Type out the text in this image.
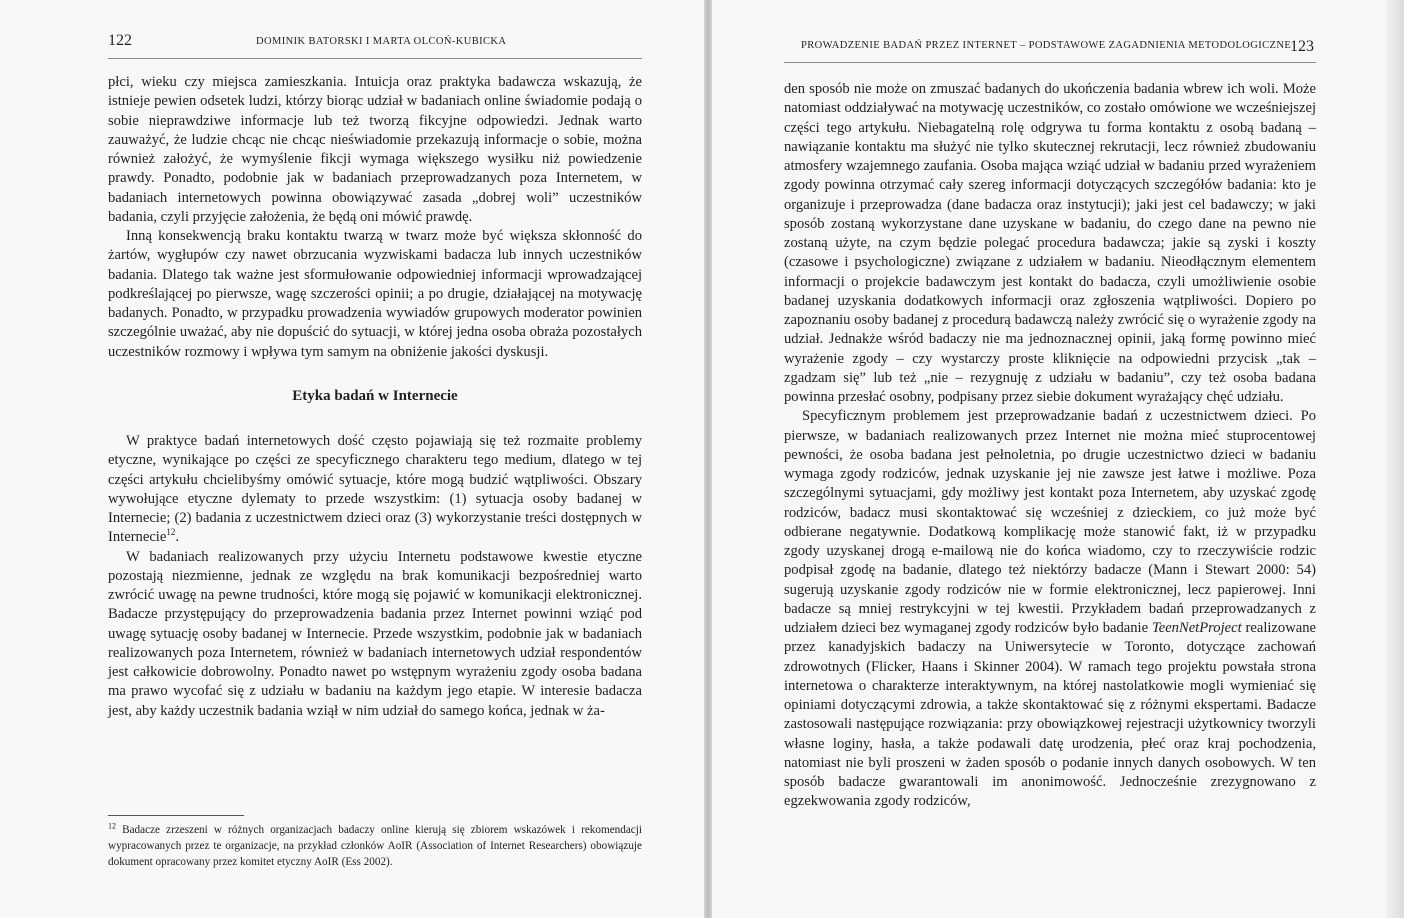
122	DOMINIK BATORSKI I MARTA OLCOŃ-KUBICKA

płci, wieku czy miejsca zamieszkania. Intuicja oraz praktyka badawcza wskazują, że istnieje pewien odsetek ludzi, którzy biorąc udział w badaniach online świadomie podają o sobie nieprawdziwe informacje lub też tworzą fikcyjne odpowiedzi. Jednak warto zauważyć, że ludzie chcąc nie chcąc nieświadomie przekazują informacje o sobie, można również założyć, że wymyślenie fikcji wymaga większego wysiłku niż powiedzenie prawdy. Ponadto, podobnie jak w badaniach przeprowadzanych poza Internetem, w badaniach internetowych powinna obowiązywać zasada „dobrej woli” uczestników badania, czyli przyjęcie założenia, że będą oni mówić prawdę.

Inną konsekwencją braku kontaktu twarzą w twarz może być większa skłonność do żartów, wygłupów czy nawet obrzucania wyzwiskami badacza lub innych uczestników badania. Dlatego tak ważne jest sformułowanie odpowiedniej informacji wprowadzającej podkreślającej po pierwsze, wagę szczerości opinii; a po drugie, działającej na motywację badanych. Ponadto, w przypadku prowadzenia wywiadów grupowych moderator powinien szczególnie uważać, aby nie dopuścić do sytuacji, w której jedna osoba obraża pozostałych uczestników rozmowy i wpływa tym samym na obniżenie jakości dyskusji.

Etyka badań w Internecie

W praktyce badań internetowych dość często pojawiają się też rozmaite problemy etyczne, wynikające po części ze specyficznego charakteru tego medium, dlatego w tej części artykułu chcielibyśmy omówić sytuacje, które mogą budzić wątpliwości. Obszary wywołujące etyczne dylematy to przede wszystkim: (1) sytuacja osoby badanej w Internecie; (2) badania z uczestnictwem dzieci oraz (3) wykorzystanie treści dostępnych w Internecie$^{12}$.

W badaniach realizowanych przy użyciu Internetu podstawowe kwestie etyczne pozostają niezmienne, jednak ze względu na brak komunikacji bezpośredniej warto zwrócić uwagę na pewne trudności, które mogą się pojawić w komunikacji elektronicznej. Badacze przystępujący do przeprowadzenia badania przez Internet powinni wziąć pod uwagę sytuację osoby badanej w Internecie. Przede wszystkim, podobnie jak w badaniach realizowanych poza Internetem, również w badaniach internetowych udział respondentów jest całkowicie dobrowolny. Ponadto nawet po wstępnym wyrażeniu zgody osoba badana ma prawo wycofać się z udziału w badaniu na każdym jego etapie. W interesie badacza jest, aby każdy uczestnik badania wziął w nim udział do samego końca, jednak w ża-

$^{12}$ Badacze zrzeszeni w różnych organizacjach badaczy online kierują się zbiorem wskazówek i rekomendacji wypracowanych przez te organizacje, na przykład członków AoIR (Association of Internet Researchers) obowiązuje dokument opracowany przez komitet etyczny AoIR (Ess 2002).
PROWADZENIE BADAŃ PRZEZ INTERNET – PODSTAWOWE ZAGADNIENIA METODOLOGICZNE
123

den sposób nie może on zmuszać badanych do ukończenia badania wbrew ich woli. Może natomiast oddziaływać na motywację uczestników, co zostało omówione we wcześniejszej części tego artykułu. Niebagatelną rolę odgrywa tu forma kontaktu z osobą badaną – nawiązanie kontaktu ma służyć nie tylko skutecznej rekrutacji, lecz również zbudowaniu atmosfery wzajemnego zaufania. Osoba mająca wziąć udział w badaniu przed wyrażeniem zgody powinna otrzymać cały szereg informacji dotyczących szczegółów badania: kto je organizuje i przeprowadza (dane badacza oraz instytucji); jaki jest cel badawczy; w jaki sposób zostaną wykorzystane dane uzyskane w badaniu, do czego dane na pewno nie zostaną użyte, na czym będzie polegać procedura badawcza; jakie są zyski i koszty (czasowe i psychologiczne) związane z udziałem w badaniu. Nieodłącznym elementem informacji o projekcie badawczym jest kontakt do badacza, czyli umożliwienie osobie badanej uzyskania dodatkowych informacji oraz zgłoszenia wątpliwości. Dopiero po zapoznaniu osoby badanej z procedurą badawczą należy zwrócić się o wyrażenie zgody na udział. Jednakże wśród badaczy nie ma jednoznacznej opinii, jaką formę powinno mieć wyrażenie zgody – czy wystarczy proste kliknięcie na odpowiedni przycisk „tak – zgadzam się” lub też „nie – rezygnuję z udziału w badaniu”, czy też osoba badana powinna przesłać osobny, podpisany przez siebie dokument wyrażający chęć udziału.

Specyficznym problemem jest przeprowadzanie badań z uczestnictwem dzieci. Po pierwsze, w badaniach realizowanych przez Internet nie można mieć stuprocentowej pewności, że osoba badana jest pełnoletnia, po drugie uczestnictwo dzieci w badaniu wymaga zgody rodziców, jednak uzyskanie jej nie zawsze jest łatwe i możliwe. Poza szczególnymi sytuacjami, gdy możliwy jest kontakt poza Internetem, aby uzyskać zgodę rodziców, badacz musi skontaktować się wcześniej z dzieckiem, co już może być odbierane negatywnie. Dodatkową komplikację może stanowić fakt, iż w przypadku zgody uzyskanej drogą e-mailową nie do końca wiadomo, czy to rzeczywiście rodzic podpisał zgodę na badanie, dlatego też niektórzy badacze (Mann i Stewart 2000: 54) sugerują uzyskanie zgody rodziców nie w formie elektronicznej, lecz papierowej. Inni badacze są mniej restrykcyjni w tej kwestii. Przykładem badań przeprowadzanych z udziałem dzieci bez wymaganej zgody rodziców było badanie TeenNetProject realizowane przez kanadyjskich badaczy na Uniwersytecie w Toronto, dotyczące zachowań zdrowotnych (Flicker, Haans i Skinner 2004). W ramach tego projektu powstała strona internetowa o charakterze interaktywnym, na której nastolatkowie mogli wymieniać się opiniami dotyczącymi zdrowia, a także skontaktować się z różnymi ekspertami. Badacze zastosowali następujące rozwiązania: przy obowiązkowej rejestracji użytkownicy tworzyli własne loginy, hasła, a także podawali datę urodzenia, płeć oraz kraj pochodzenia, natomiast nie byli proszeni w żaden sposób o podanie innych danych osobowych. W ten sposób badacze gwarantowali im anonimowość. Jednocześnie zrezygnowano z egzekwowania zgody rodziców,
